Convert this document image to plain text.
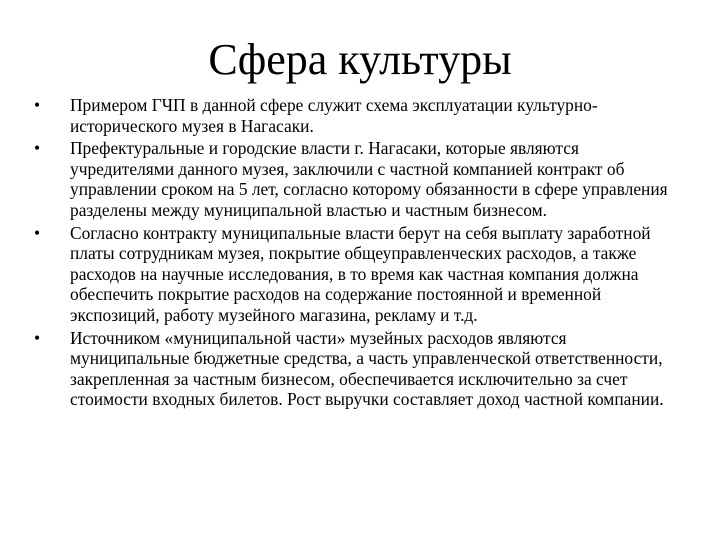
Сфера культуры
•	Примером ГЧП в данной сфере служит схема эксплуатации культурно-исторического музея в Нагасаки.
•	Префектуральные и городские власти г. Нагасаки, которые являются учредителями данного музея, заключили с частной компанией контракт об управлении сроком на 5 лет, согласно которому обязанности в сфере управления разделены между муниципальной властью и частным бизнесом.
•	Согласно контракту муниципальные власти берут на себя выплату заработной платы сотрудникам музея, покрытие общеуправленческих расходов, а также расходов на научные исследования, в то время как частная компания должна обеспечить покрытие расходов на содержание постоянной и временной экспозиций, работу музейного магазина, рекламу и т.д.
•	Источником «муниципальной части» музейных расходов являются муниципальные бюджетные средства, а часть управленческой ответственности, закрепленная за частным бизнесом, обеспечивается исключительно за счет стоимости входных билетов. Рост выручки составляет доход частной компании.
